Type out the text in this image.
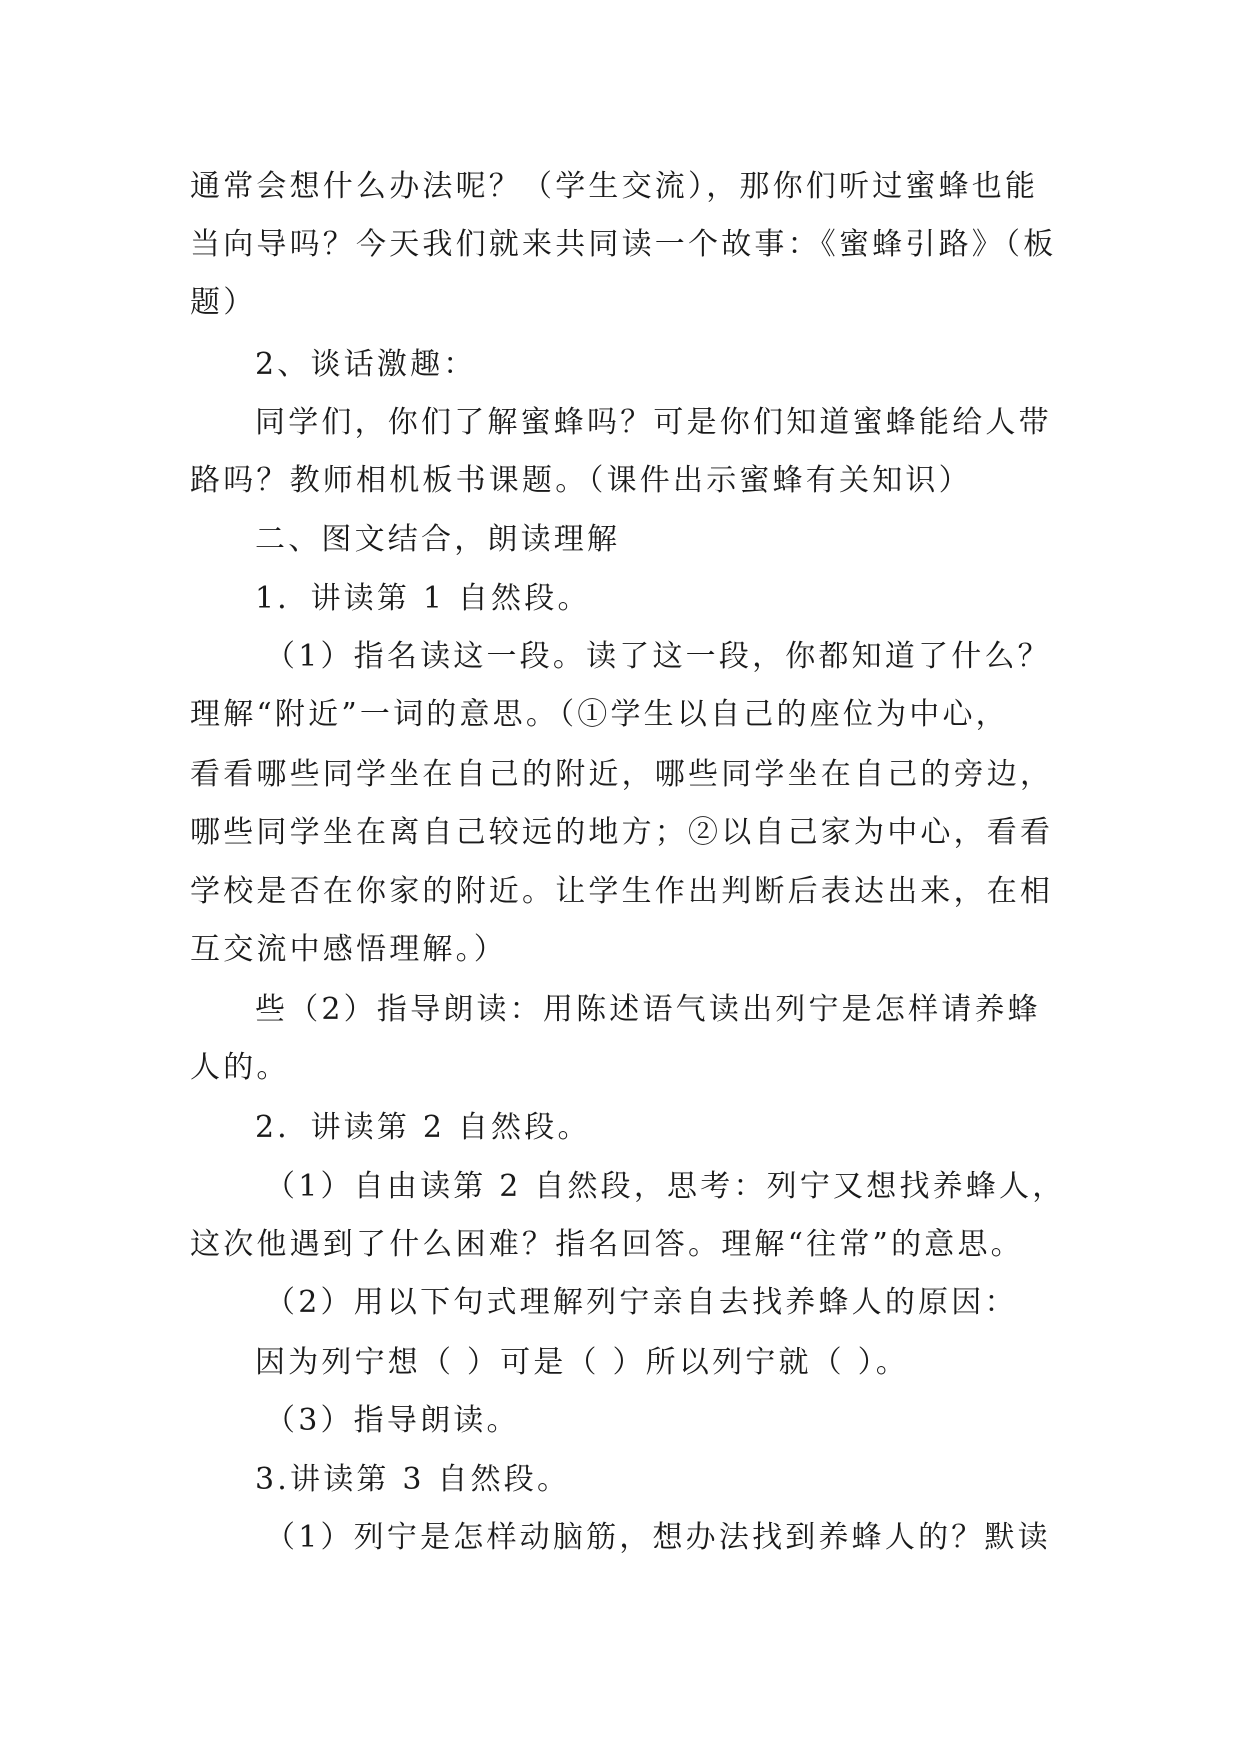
通常会想什么办法呢？（学生交流），那你们听过蜜蜂也能
当向导吗？今天我们就来共同读一个故事：《蜜蜂引路》（板
题）
2、谈话激趣：
同学们，你们了解蜜蜂吗？可是你们知道蜜蜂能给人带
路吗？教师相机板书课题。（课件出示蜜蜂有关知识）
二、图文结合，朗读理解
1．讲读第 1 自然段。
（1）指名读这一段。读了这一段，你都知道了什么？
理解“附近”一词的意思。（①学生以自己的座位为中心，
看看哪些同学坐在自己的附近，哪些同学坐在自己的旁边，
哪些同学坐在离自己较远的地方；②以自己家为中心，看看
学校是否在你家的附近。让学生作出判断后表达出来，在相
互交流中感悟理解。）
些（2）指导朗读：用陈述语气读出列宁是怎样请养蜂
人的。
2．讲读第 2 自然段。
（1）自由读第 2 自然段，思考：列宁又想找养蜂人，
这次他遇到了什么困难？指名回答。理解“往常”的意思。
（2）用以下句式理解列宁亲自去找养蜂人的原因：
因为列宁想（ ）可是（ ）所以列宁就（ ）。
（3）指导朗读。
3.讲读第 3 自然段。
（1）列宁是怎样动脑筋，想办法找到养蜂人的？默读
